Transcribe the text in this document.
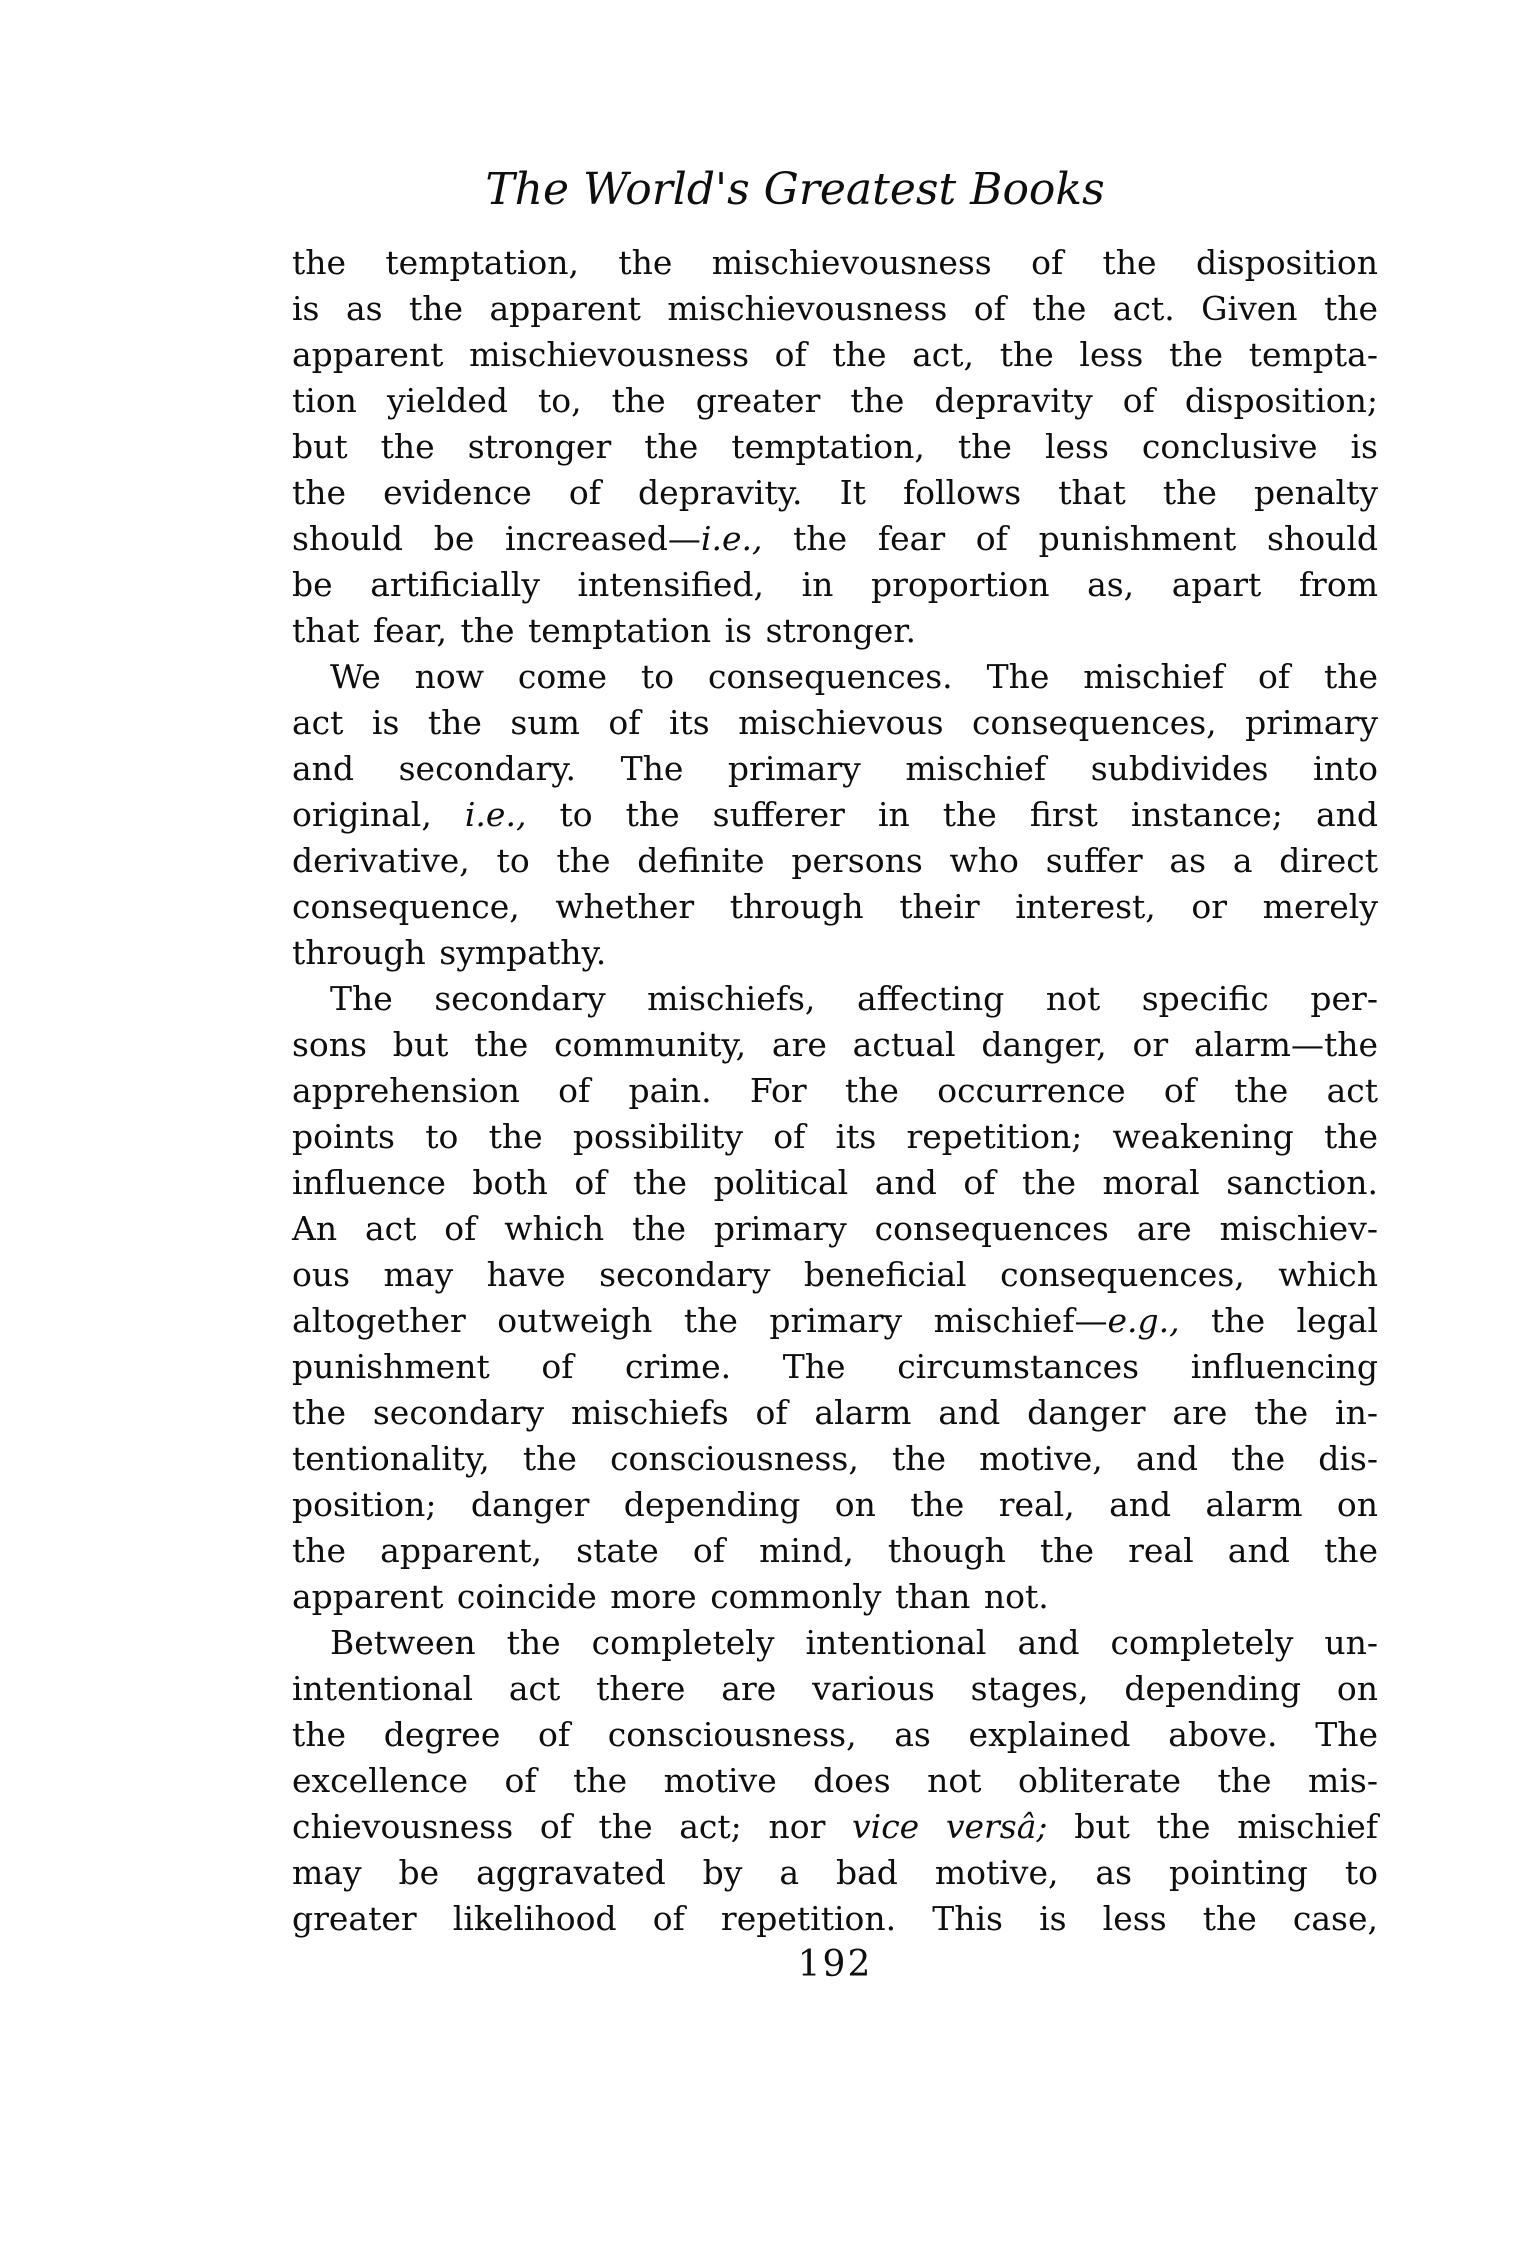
The World's Greatest Books
the temptation, the mischievousness of the disposition
is as the apparent mischievousness of the act. Given the
apparent mischievousness of the act, the less the tempta-
tion yielded to, the greater the depravity of disposition;
but the stronger the temptation, the less conclusive is
the evidence of depravity. It follows that the penalty
should be increased—i.e., the fear of punishment should
be artificially intensified, in proportion as, apart from
that fear, the temptation is stronger.
We now come to consequences. The mischief of the
act is the sum of its mischievous consequences, primary
and secondary. The primary mischief subdivides into
original, i.e., to the sufferer in the first instance; and
derivative, to the definite persons who suffer as a direct
consequence, whether through their interest, or merely
through sympathy.
The secondary mischiefs, affecting not specific per-
sons but the community, are actual danger, or alarm—the
apprehension of pain. For the occurrence of the act
points to the possibility of its repetition; weakening the
influence both of the political and of the moral sanction.
An act of which the primary consequences are mischiev-
ous may have secondary beneficial consequences, which
altogether outweigh the primary mischief—e.g., the legal
punishment of crime. The circumstances influencing
the secondary mischiefs of alarm and danger are the in-
tentionality, the consciousness, the motive, and the dis-
position; danger depending on the real, and alarm on
the apparent, state of mind, though the real and the
apparent coincide more commonly than not.
Between the completely intentional and completely un-
intentional act there are various stages, depending on
the degree of consciousness, as explained above. The
excellence of the motive does not obliterate the mis-
chievousness of the act; nor vice versâ; but the mischief
may be aggravated by a bad motive, as pointing to
greater likelihood of repetition. This is less the case,
192
